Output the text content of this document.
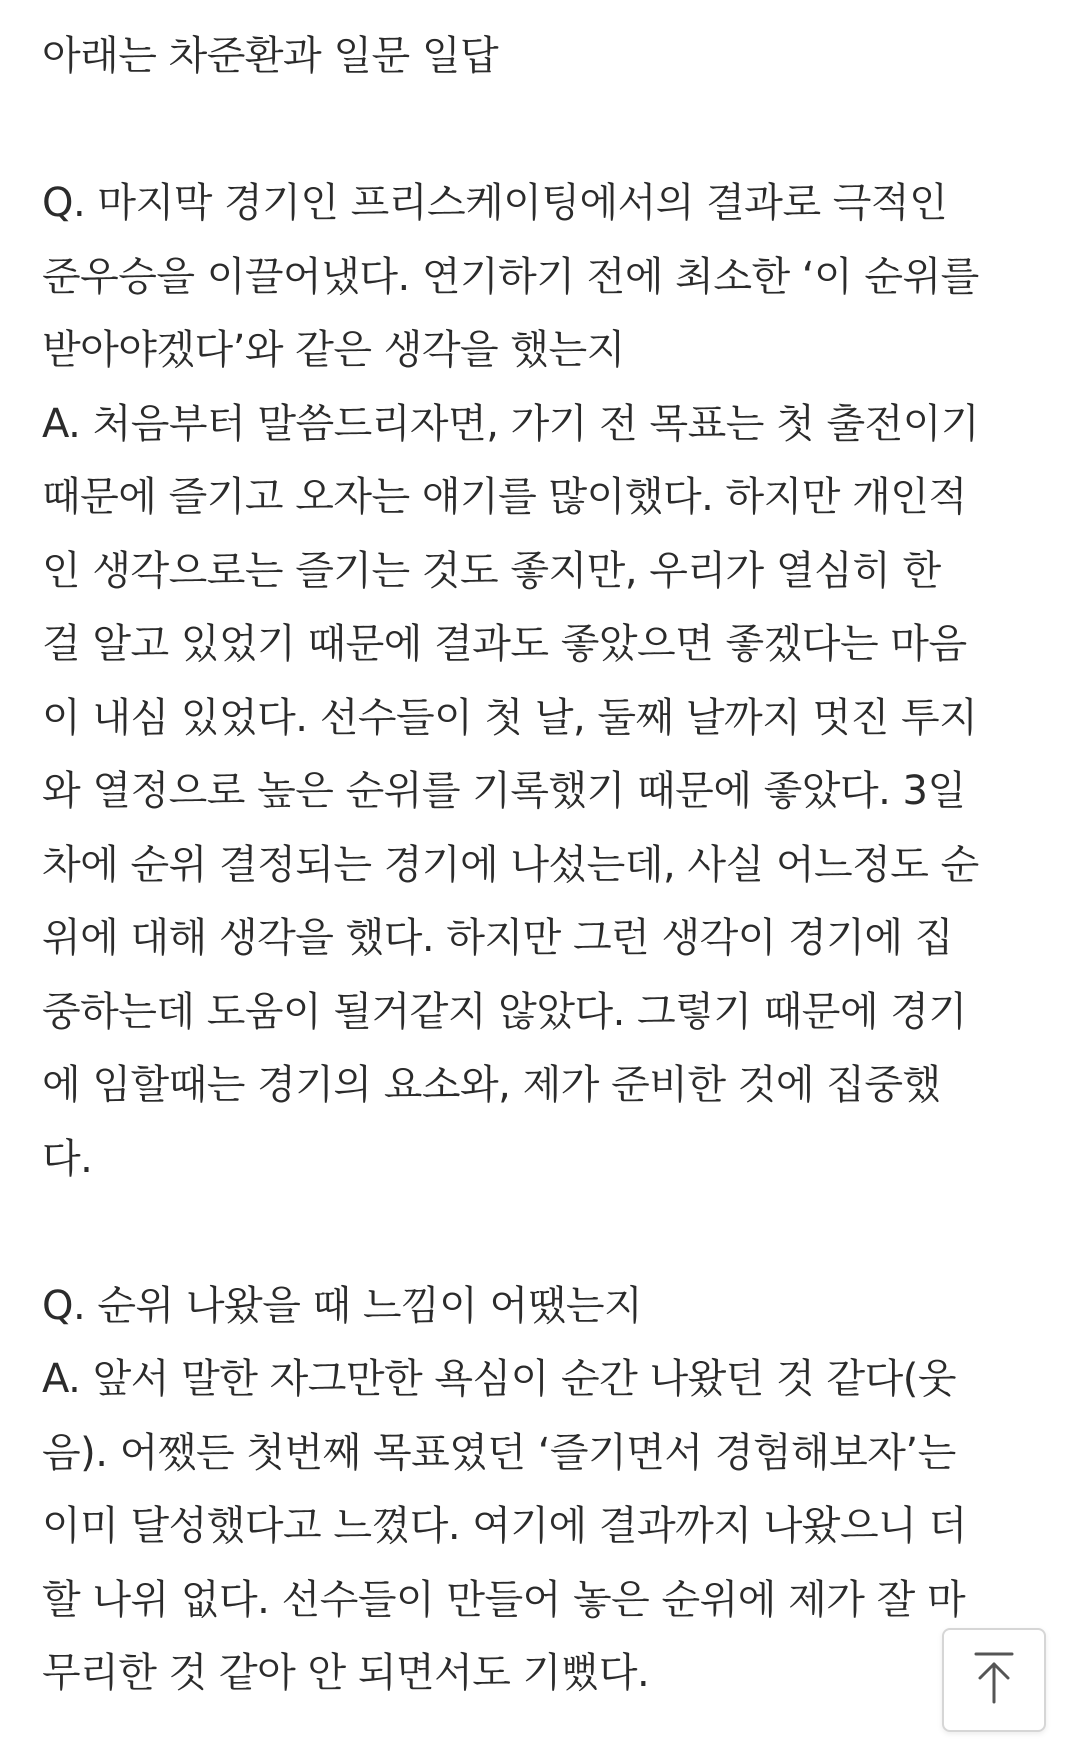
아래는 차준환과 일문 일답
Q. 마지막 경기인 프리스케이팅에서의 결과로 극적인
준우승을 이끌어냈다. 연기하기 전에 최소한 ‘이 순위를
받아야겠다’와 같은 생각을 했는지
A. 처음부터 말씀드리자면, 가기 전 목표는 첫 출전이기
때문에 즐기고 오자는 얘기를 많이했다. 하지만 개인적
인 생각으로는 즐기는 것도 좋지만, 우리가 열심히 한
걸 알고 있었기 때문에 결과도 좋았으면 좋겠다는 마음
이 내심 있었다. 선수들이 첫 날, 둘째 날까지 멋진 투지
와 열정으로 높은 순위를 기록했기 때문에 좋았다. 3일
차에 순위 결정되는 경기에 나섰는데, 사실 어느정도 순
위에 대해 생각을 했다. 하지만 그런 생각이 경기에 집
중하는데 도움이 될거같지 않았다. 그렇기 때문에 경기
에 임할때는 경기의 요소와, 제가 준비한 것에 집중했
다.
Q. 순위 나왔을 때 느낌이 어땠는지
A. 앞서 말한 자그만한 욕심이 순간 나왔던 것 같다(웃
음). 어쨌든 첫번째 목표였던 ‘즐기면서 경험해보자’는
이미 달성했다고 느꼈다. 여기에 결과까지 나왔으니 더
할 나위 없다. 선수들이 만들어 놓은 순위에 제가 잘 마
무리한 것 같아 안 되면서도 기뻤다.
